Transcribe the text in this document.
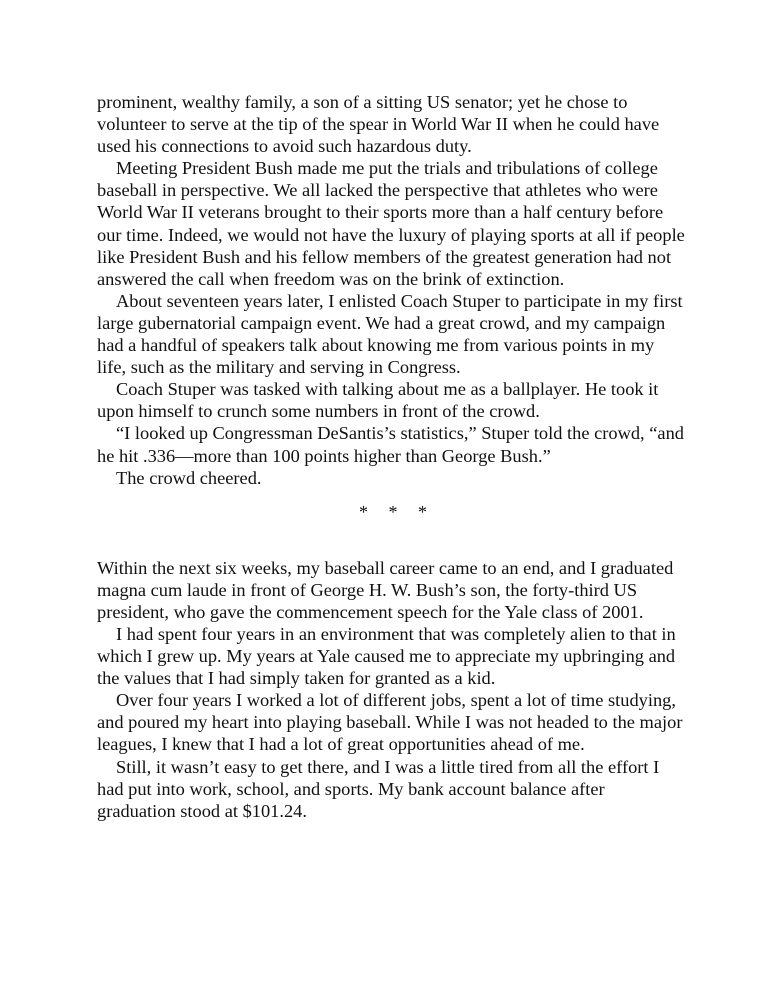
prominent, wealthy family, a son of a sitting US senator; yet he chose to volunteer to serve at the tip of the spear in World War II when he could have used his connections to avoid such hazardous duty.

Meeting President Bush made me put the trials and tribulations of college baseball in perspective. We all lacked the perspective that athletes who were World War II veterans brought to their sports more than a half century before our time. Indeed, we would not have the luxury of playing sports at all if people like President Bush and his fellow members of the greatest generation had not answered the call when freedom was on the brink of extinction.

About seventeen years later, I enlisted Coach Stuper to participate in my first large gubernatorial campaign event. We had a great crowd, and my campaign had a handful of speakers talk about knowing me from various points in my life, such as the military and serving in Congress.

Coach Stuper was tasked with talking about me as a ballplayer. He took it upon himself to crunch some numbers in front of the crowd.

“I looked up Congressman DeSantis’s statistics,” Stuper told the crowd, “and he hit .336—more than 100 points higher than George Bush.”

The crowd cheered.

* * *

Within the next six weeks, my baseball career came to an end, and I graduated magna cum laude in front of George H. W. Bush’s son, the forty-third US president, who gave the commencement speech for the Yale class of 2001.

I had spent four years in an environment that was completely alien to that in which I grew up. My years at Yale caused me to appreciate my upbringing and the values that I had simply taken for granted as a kid.

Over four years I worked a lot of different jobs, spent a lot of time studying, and poured my heart into playing baseball. While I was not headed to the major leagues, I knew that I had a lot of great opportunities ahead of me.

Still, it wasn’t easy to get there, and I was a little tired from all the effort I had put into work, school, and sports. My bank account balance after graduation stood at $101.24.
